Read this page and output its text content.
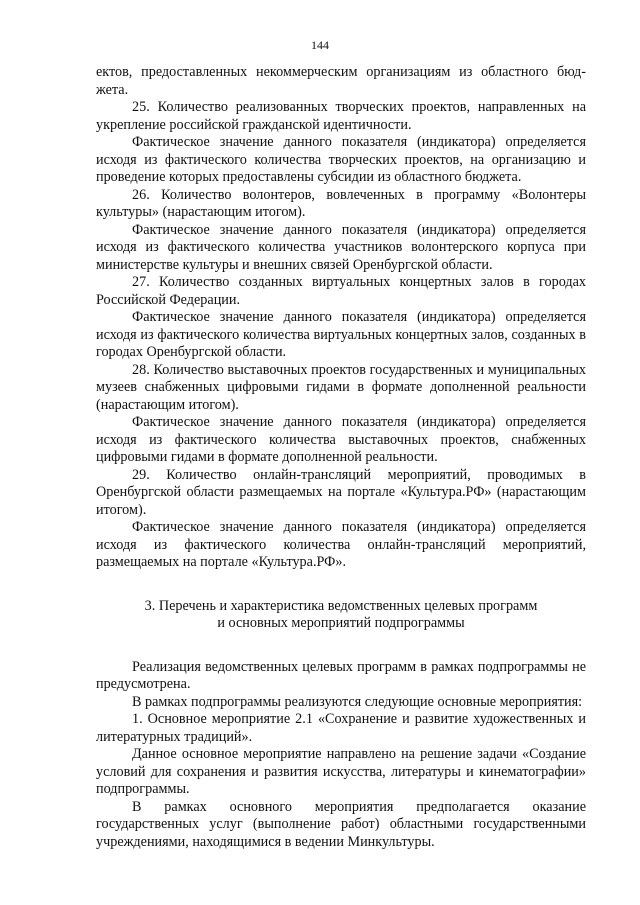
144

ектов, предоставленных некоммерческим организациям из областного бюд-жета.

25. Количество реализованных творческих проектов, направленных на укрепление российской гражданской идентичности.

Фактическое значение данного показателя (индикатора) определяется исходя из фактического количества творческих проектов, на организацию и проведение которых предоставлены субсидии из областного бюджета.

26. Количество волонтеров, вовлеченных в программу «Волонтеры культуры» (нарастающим итогом).

Фактическое значение данного показателя (индикатора) определяется исходя из фактического количества участников волонтерского корпуса при министерстве культуры и внешних связей Оренбургской области.

27. Количество созданных виртуальных концертных залов в городах Российской Федерации.

Фактическое значение данного показателя (индикатора) определяется исходя из фактического количества виртуальных концертных залов, созданных в городах Оренбургской области.

28. Количество выставочных проектов государственных и муниципальных музеев снабженных цифровыми гидами в формате дополненной реальности (нарастающим итогом).

Фактическое значение данного показателя (индикатора) определяется исходя из фактического количества выставочных проектов, снабженных цифровыми гидами в формате дополненной реальности.

29. Количество онлайн-трансляций мероприятий, проводимых в Оренбургской области размещаемых на портале «Культура.РФ» (нарастающим итогом).

Фактическое значение данного показателя (индикатора) определяется исходя из фактического количества онлайн-трансляций мероприятий, размещаемых на портале «Культура.РФ».

3. Перечень и характеристика ведомственных целевых программ
и основных мероприятий подпрограммы

Реализация ведомственных целевых программ в рамках подпрограммы не предусмотрена.

В рамках подпрограммы реализуются следующие основные мероприятия:

1. Основное мероприятие 2.1 «Сохранение и развитие художественных и литературных традиций».

Данное основное мероприятие направлено на решение задачи «Создание условий для сохранения и развития искусства, литературы и кинематографии» подпрограммы.

В рамках основного мероприятия предполагается оказание государственных услуг (выполнение работ) областными государственными учреждениями, находящимися в ведении Минкультуры.
